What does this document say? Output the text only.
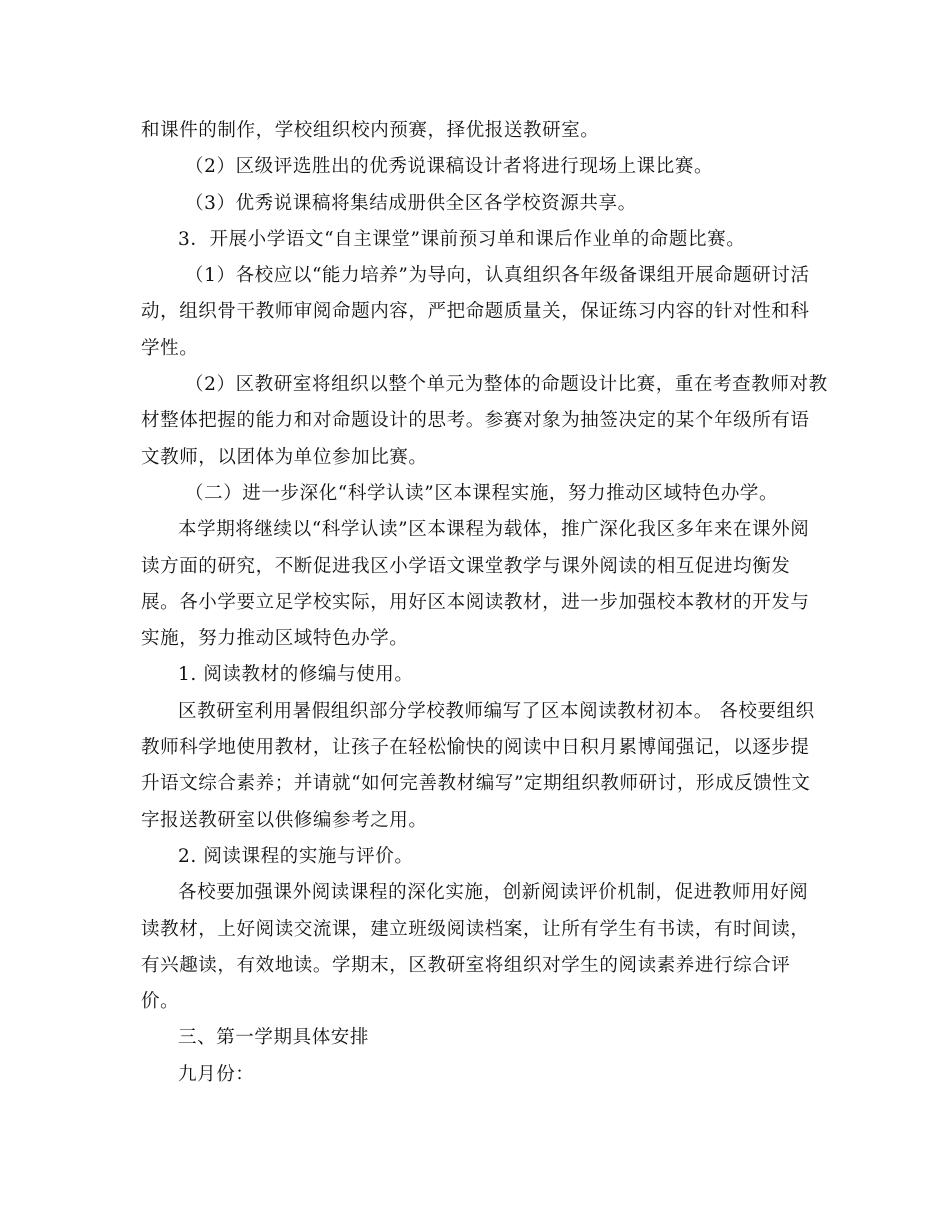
和课件的制作，学校组织校内预赛，择优报送教研室。
（2）区级评选胜出的优秀说课稿设计者将进行现场上课比赛。
（3）优秀说课稿将集结成册供全区各学校资源共享。
3．开展小学语文“自主课堂”课前预习单和课后作业单的命题比赛。
（1）各校应以“能力培养”为导向，认真组织各年级备课组开展命题研讨活
动，组织骨干教师审阅命题内容，严把命题质量关，保证练习内容的针对性和科
学性。
（2）区教研室将组织以整个单元为整体的命题设计比赛，重在考查教师对教
材整体把握的能力和对命题设计的思考。参赛对象为抽签决定的某个年级所有语
文教师，以团体为单位参加比赛。
（二）进一步深化“科学认读”区本课程实施，努力推动区域特色办学。
本学期将继续以“科学认读”区本课程为载体，推广深化我区多年来在课外阅
读方面的研究，不断促进我区小学语文课堂教学与课外阅读的相互促进均衡发
展。各小学要立足学校实际，用好区本阅读教材，进一步加强校本教材的开发与
实施，努力推动区域特色办学。
1. 阅读教材的修编与使用。
区教研室利用暑假组织部分学校教师编写了区本阅读教材初本。 各校要组织
教师科学地使用教材，让孩子在轻松愉快的阅读中日积月累博闻强记，以逐步提
升语文综合素养；并请就“如何完善教材编写”定期组织教师研讨，形成反馈性文
字报送教研室以供修编参考之用。
2. 阅读课程的实施与评价。
各校要加强课外阅读课程的深化实施，创新阅读评价机制，促进教师用好阅
读教材，上好阅读交流课，建立班级阅读档案，让所有学生有书读，有时间读，
有兴趣读，有效地读。学期末，区教研室将组织对学生的阅读素养进行综合评
价。
三、第一学期具体安排
九月份：
